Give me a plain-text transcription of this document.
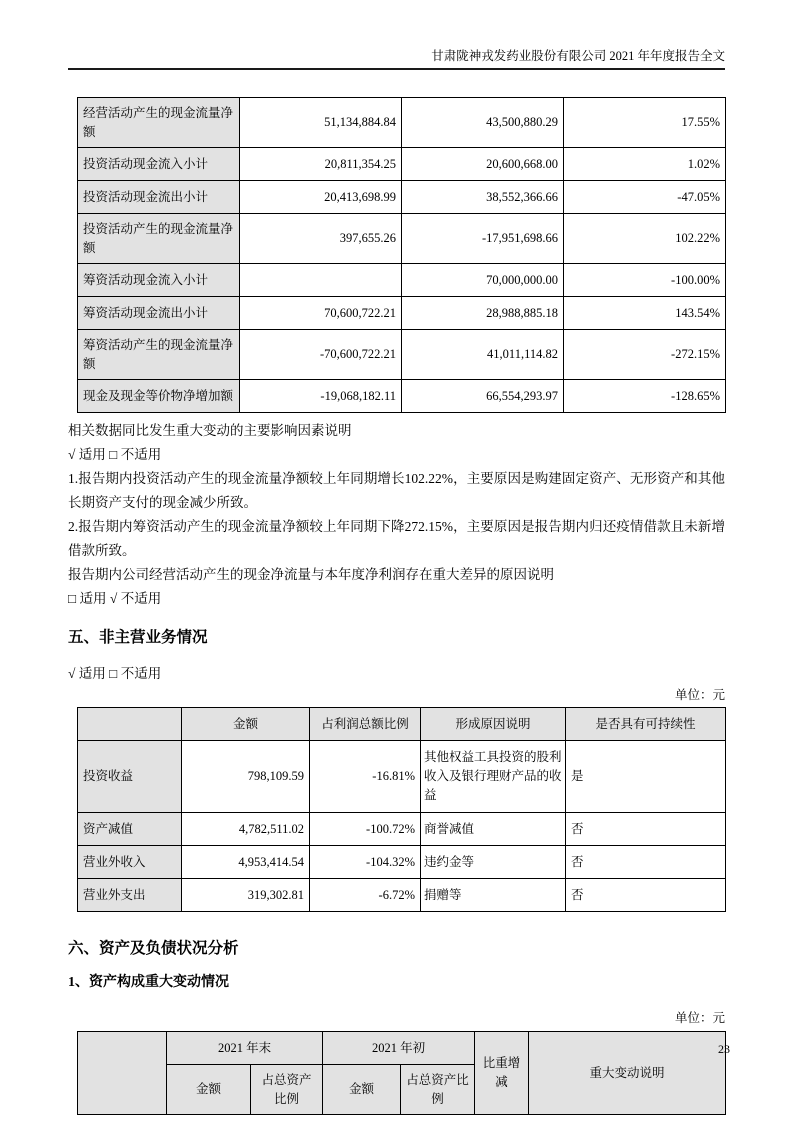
甘肃陇神戎发药业股份有限公司 2021 年年度报告全文
经营活动产生的现金流量净额	51,134,884.84	43,500,880.29	17.55%
投资活动现金流入小计	20,811,354.25	20,600,668.00	1.02%
投资活动现金流出小计	20,413,698.99	38,552,366.66	-47.05%
投资活动产生的现金流量净额	397,655.26	-17,951,698.66	102.22%
筹资活动现金流入小计		70,000,000.00	-100.00%
筹资活动现金流出小计	70,600,722.21	28,988,885.18	143.54%
筹资活动产生的现金流量净额	-70,600,722.21	41,011,114.82	-272.15%
现金及现金等价物净增加额	-19,068,182.11	66,554,293.97	-128.65%

相关数据同比发生重大变动的主要影响因素说明

√ 适用 □ 不适用

1.报告期内投资活动产生的现金流量净额较上年同期增长102.22%，主要原因是购建固定资产、无形资产和其他长期资产支付的现金减少所致。

2.报告期内筹资活动产生的现金流量净额较上年同期下降272.15%，主要原因是报告期内归还疫情借款且未新增借款所致。

报告期内公司经营活动产生的现金净流量与本年度净利润存在重大差异的原因说明

□ 适用 √ 不适用

五、非主营业务情况

√ 适用 □ 不适用

单位：元

	金额	占利润总额比例	形成原因说明	是否具有可持续性
投资收益	798,109.59	-16.81%	其他权益工具投资的股利收入及银行理财产品的收益	是
资产减值	4,782,511.02	-100.72%	商誉减值	否
营业外收入	4,953,414.54	-104.32%	违约金等	否
营业外支出	319,302.81	-6.72%	捐赠等	否
六、资产及负债状况分析
1、资产构成重大变动情况

单位：元

	2021 年末		2021 年初		比重增减	重大变动说明
	金额	占总资产比例	金额	占总资产比例		
23
